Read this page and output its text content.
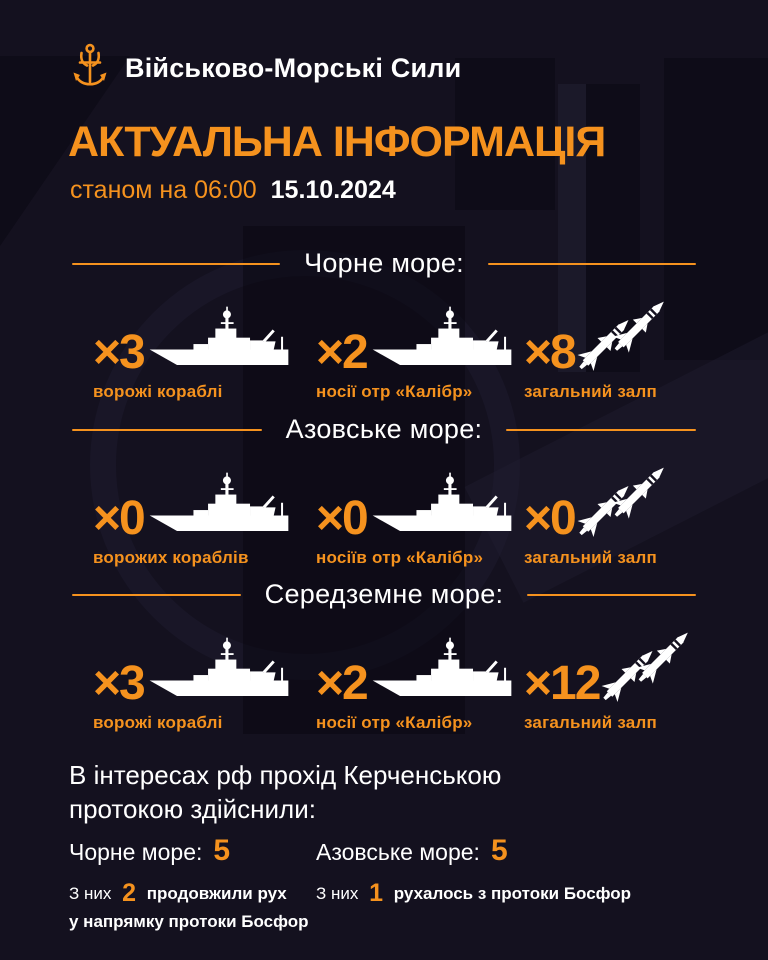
Військово-Морські Сили
АКТУАЛЬНА ІНФОРМАЦІЯ
станом на 06:00 15.10.2024
Чорне море:
×3
ворожі кораблі
×2
носії отр «Калібр»
×8
загальний залп
Азовське море:
×0
ворожих кораблів
×0
носіїв отр «Калібр»
×0
загальний залп
Середземне море:
×3
ворожі кораблі
×2
носії отр «Калібр»
×12
загальний залп
В інтересах рф прохід Керченською протокою здійснили:
Чорне море: 5
З них 2 продовжили рух
у напрямку протоки Босфор
Азовське море: 5
З них 1 рухалось з протоки Босфор
